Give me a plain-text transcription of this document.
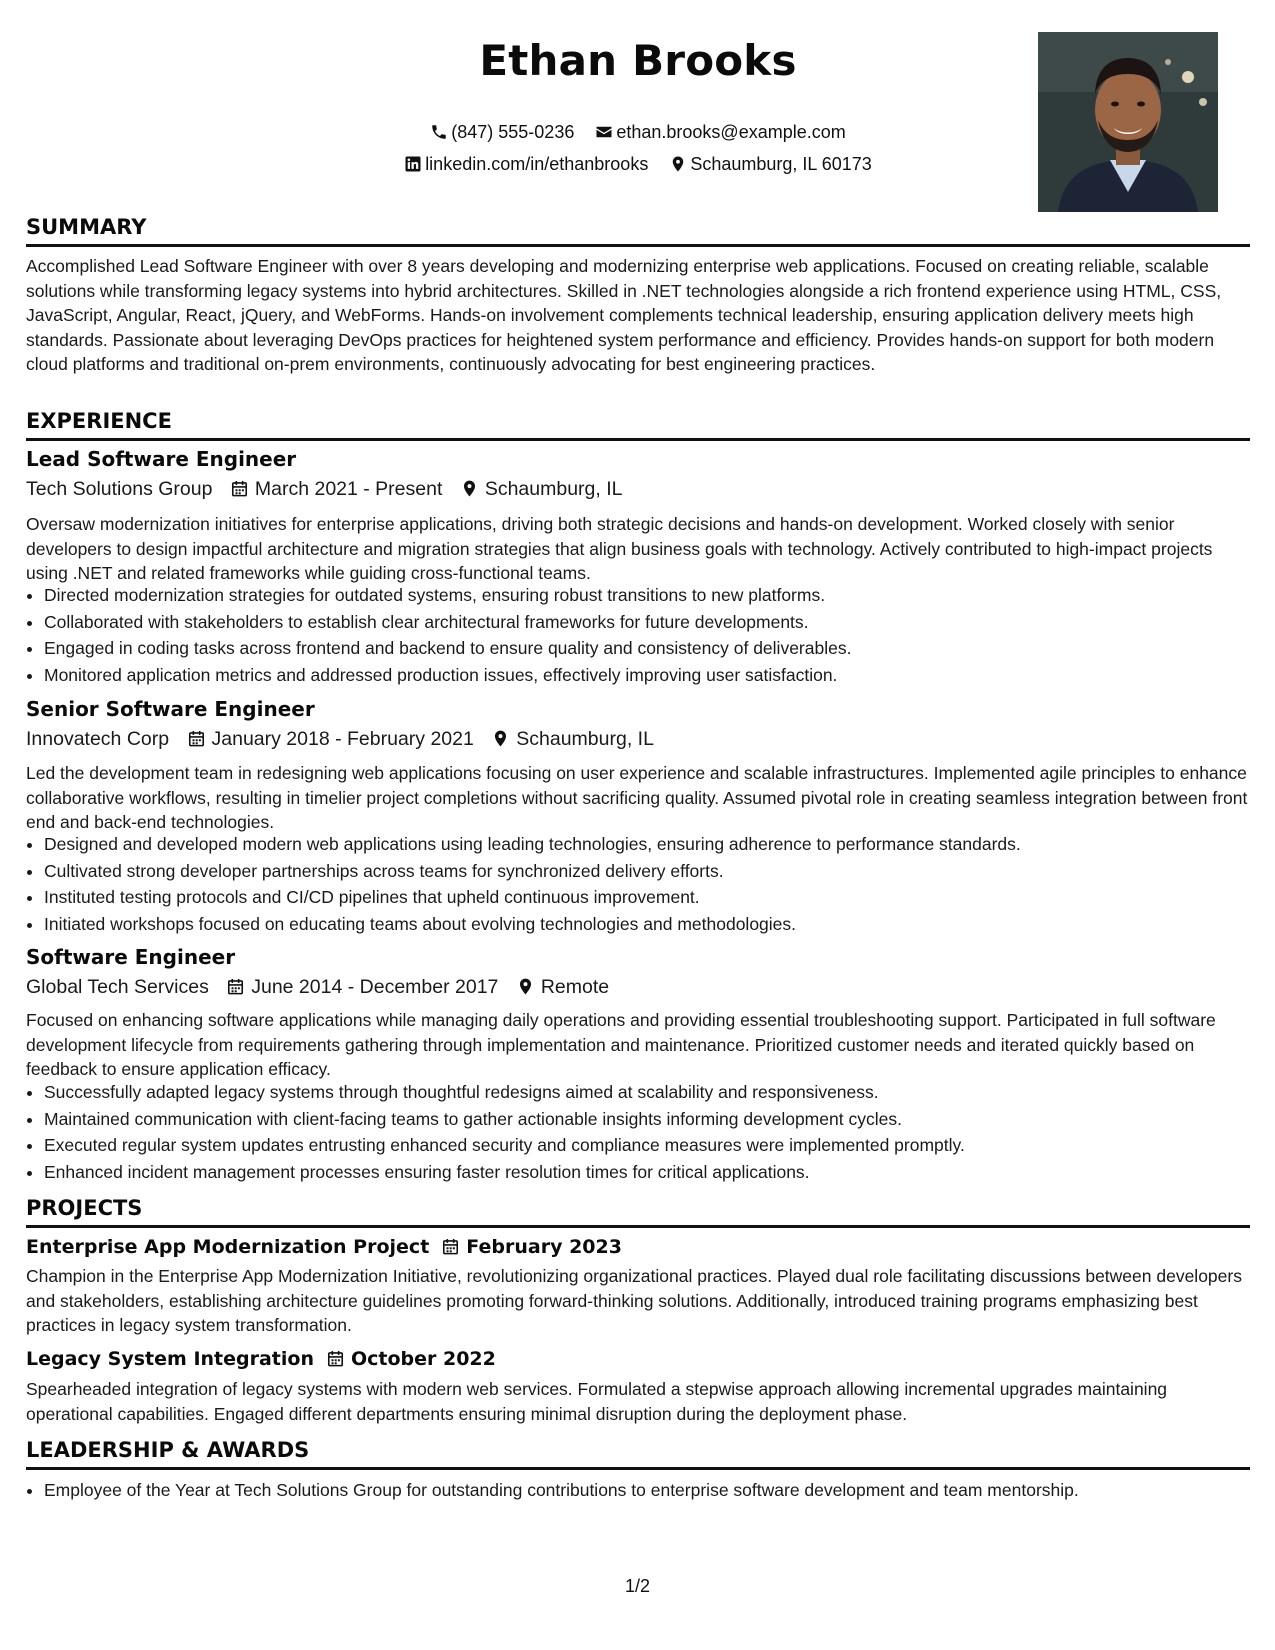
Ethan Brooks
(847) 555-0236 ethan.brooks@example.com
linkedin.com/in/ethanbrooks Schaumburg, IL 60173
SUMMARY
Accomplished Lead Software Engineer with over 8 years developing and modernizing enterprise web applications. Focused on creating reliable, scalable solutions while transforming legacy systems into hybrid architectures. Skilled in .NET technologies alongside a rich frontend experience using HTML, CSS, JavaScript, Angular, React, jQuery, and WebForms. Hands-on involvement complements technical leadership, ensuring application delivery meets high standards. Passionate about leveraging DevOps practices for heightened system performance and efficiency. Provides hands-on support for both modern cloud platforms and traditional on-prem environments, continuously advocating for best engineering practices.
EXPERIENCE
Lead Software Engineer
Tech Solutions Group March 2021 - Present Schaumburg, IL
Oversaw modernization initiatives for enterprise applications, driving both strategic decisions and hands-on development. Worked closely with senior developers to design impactful architecture and migration strategies that align business goals with technology. Actively contributed to high-impact projects using .NET and related frameworks while guiding cross-functional teams.
• Directed modernization strategies for outdated systems, ensuring robust transitions to new platforms.
• Collaborated with stakeholders to establish clear architectural frameworks for future developments.
• Engaged in coding tasks across frontend and backend to ensure quality and consistency of deliverables.
• Monitored application metrics and addressed production issues, effectively improving user satisfaction.
Senior Software Engineer
Innovatech Corp January 2018 - February 2021 Schaumburg, IL
Led the development team in redesigning web applications focusing on user experience and scalable infrastructures. Implemented agile principles to enhance collaborative workflows, resulting in timelier project completions without sacrificing quality. Assumed pivotal role in creating seamless integration between front end and back-end technologies.
• Designed and developed modern web applications using leading technologies, ensuring adherence to performance standards.
• Cultivated strong developer partnerships across teams for synchronized delivery efforts.
• Instituted testing protocols and CI/CD pipelines that upheld continuous improvement.
• Initiated workshops focused on educating teams about evolving technologies and methodologies.
Software Engineer
Global Tech Services June 2014 - December 2017 Remote
Focused on enhancing software applications while managing daily operations and providing essential troubleshooting support. Participated in full software development lifecycle from requirements gathering through implementation and maintenance. Prioritized customer needs and iterated quickly based on feedback to ensure application efficacy.
• Successfully adapted legacy systems through thoughtful redesigns aimed at scalability and responsiveness.
• Maintained communication with client-facing teams to gather actionable insights informing development cycles.
• Executed regular system updates entrusting enhanced security and compliance measures were implemented promptly.
• Enhanced incident management processes ensuring faster resolution times for critical applications.
PROJECTS
Enterprise App Modernization Project February 2023
Champion in the Enterprise App Modernization Initiative, revolutionizing organizational practices. Played dual role facilitating discussions between developers and stakeholders, establishing architecture guidelines promoting forward-thinking solutions. Additionally, introduced training programs emphasizing best practices in legacy system transformation.
Legacy System Integration October 2022
Spearheaded integration of legacy systems with modern web services. Formulated a stepwise approach allowing incremental upgrades maintaining operational capabilities. Engaged different departments ensuring minimal disruption during the deployment phase.
LEADERSHIP & AWARDS
• Employee of the Year at Tech Solutions Group for outstanding contributions to enterprise software development and team mentorship.
1/2
